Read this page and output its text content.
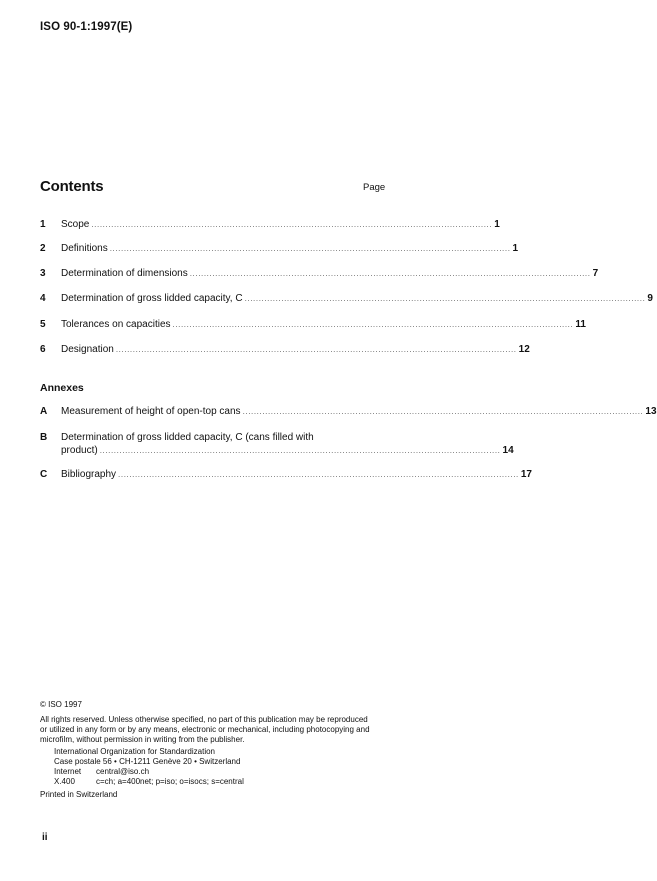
ISO 90-1:1997(E)
Contents	Page
1	Scope .............................................................................................................................................. 1
2	Definitions .............................................................................................................................................. 1
3	Determination of dimensions .............................................................................................................................................. 7
4	Determination of gross lidded capacity, C .............................................................................................................................................. 9
5	Tolerances on capacities .............................................................................................................................................. 11
6	Designation .............................................................................................................................................. 12
Annexes
A	Measurement of height of open-top cans .............................................................................................................................................. 13
B	Determination of gross lidded capacity, C (cans filled with
product) .............................................................................................................................................. 14
C	Bibliography .............................................................................................................................................. 17
© ISO 1997
All rights reserved. Unless otherwise specified, no part of this publication may be reproduced
or utilized in any form or by any means, electronic or mechanical, including photocopying and
microfilm, without permission in writing from the publisher.
International Organization for Standardization
Case postale 56 • CH-1211 Genève 20 • Switzerland
Internet	central@iso.ch
X.400	c=ch; a=400net; p=iso; o=isocs; s=central
Printed in Switzerland
ii
